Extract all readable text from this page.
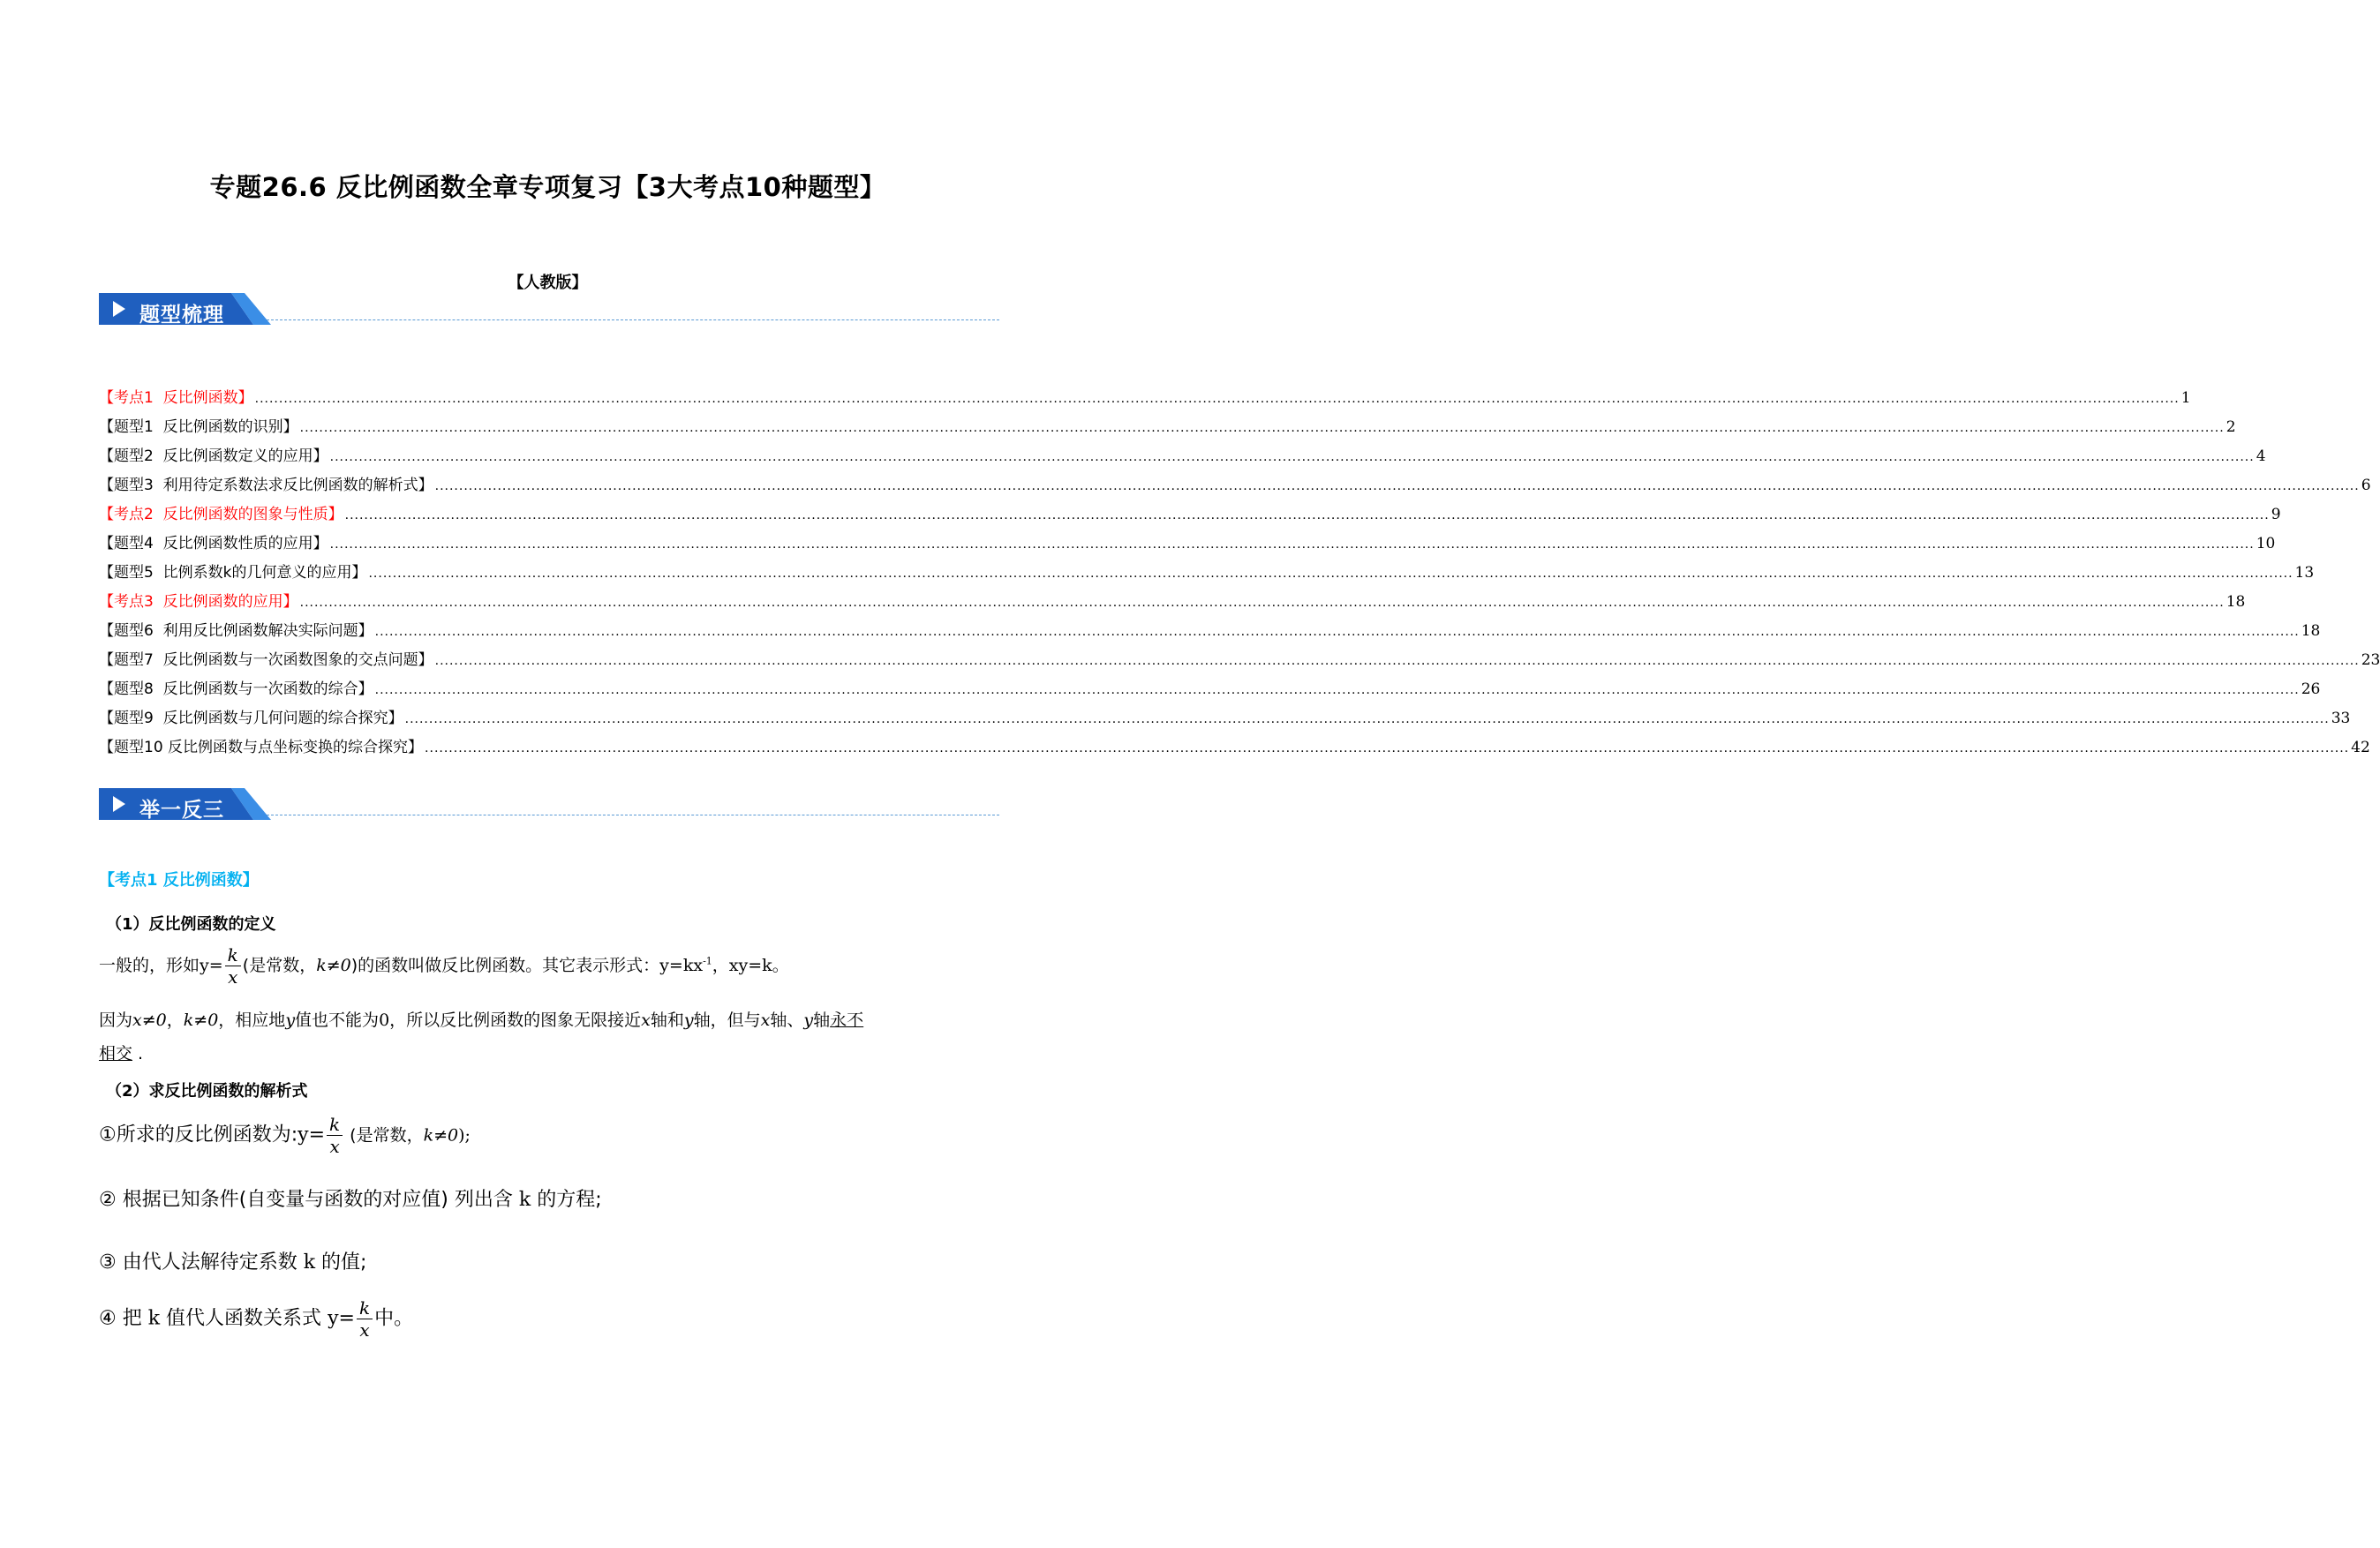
专题26.6 反比例函数全章专项复习【3大考点10种题型】
【人教版】
题型梳理
【考点1  反比例函数】 ................................................................................................................................................................................................................................................................................................................................................................................................................ 1
【题型1  反比例函数的识别】 ................................................................................................................................................................................................................................................................................................................................................................................................................ 2
【题型2  反比例函数定义的应用】 ................................................................................................................................................................................................................................................................................................................................................................................................................ 4
【题型3  利用待定系数法求反比例函数的解析式】 ................................................................................................................................................................................................................................................................................................................................................................................................................ 6
【考点2  反比例函数的图象与性质】 ................................................................................................................................................................................................................................................................................................................................................................................................................ 9
【题型4  反比例函数性质的应用】 ................................................................................................................................................................................................................................................................................................................................................................................................................ 10
【题型5  比例系数k的几何意义的应用】 ................................................................................................................................................................................................................................................................................................................................................................................................................ 13
【考点3  反比例函数的应用】 ................................................................................................................................................................................................................................................................................................................................................................................................................ 18
【题型6  利用反比例函数解决实际问题】 ................................................................................................................................................................................................................................................................................................................................................................................................................ 18
【题型7  反比例函数与一次函数图象的交点问题】 ................................................................................................................................................................................................................................................................................................................................................................................................................ 23
【题型8  反比例函数与一次函数的综合】 ................................................................................................................................................................................................................................................................................................................................................................................................................ 26
【题型9  反比例函数与几何问题的综合探究】 ................................................................................................................................................................................................................................................................................................................................................................................................................ 33
【题型10 反比例函数与点坐标变换的综合探究】 ................................................................................................................................................................................................................................................................................................................................................................................................................ 42
举一反三
【考点1 反比例函数】
（1）反比例函数的定义
一般的，形如$y= \frac{k}{x}$ (是常数，k≠0)的函数叫做反比例函数。其它表示形式：$y=kx^{-1}$，xy=k。
因为x≠0，k≠0，相应地y值也不能为0，所以反比例函数的图象无限接近x轴和y轴，但与x轴、y轴永不
相交 .
（2）求反比例函数的解析式
①所求的反比例函数为:y= $\frac{k}{x}$ (是常数，k≠0);
② 根据已知条件(自变量与函数的对应值) 列出含 k 的方程;
③ 由代人法解待定系数 k 的值;
④ 把 k 值代人函数关系式 $y= \frac{k}{x}$ 中。
